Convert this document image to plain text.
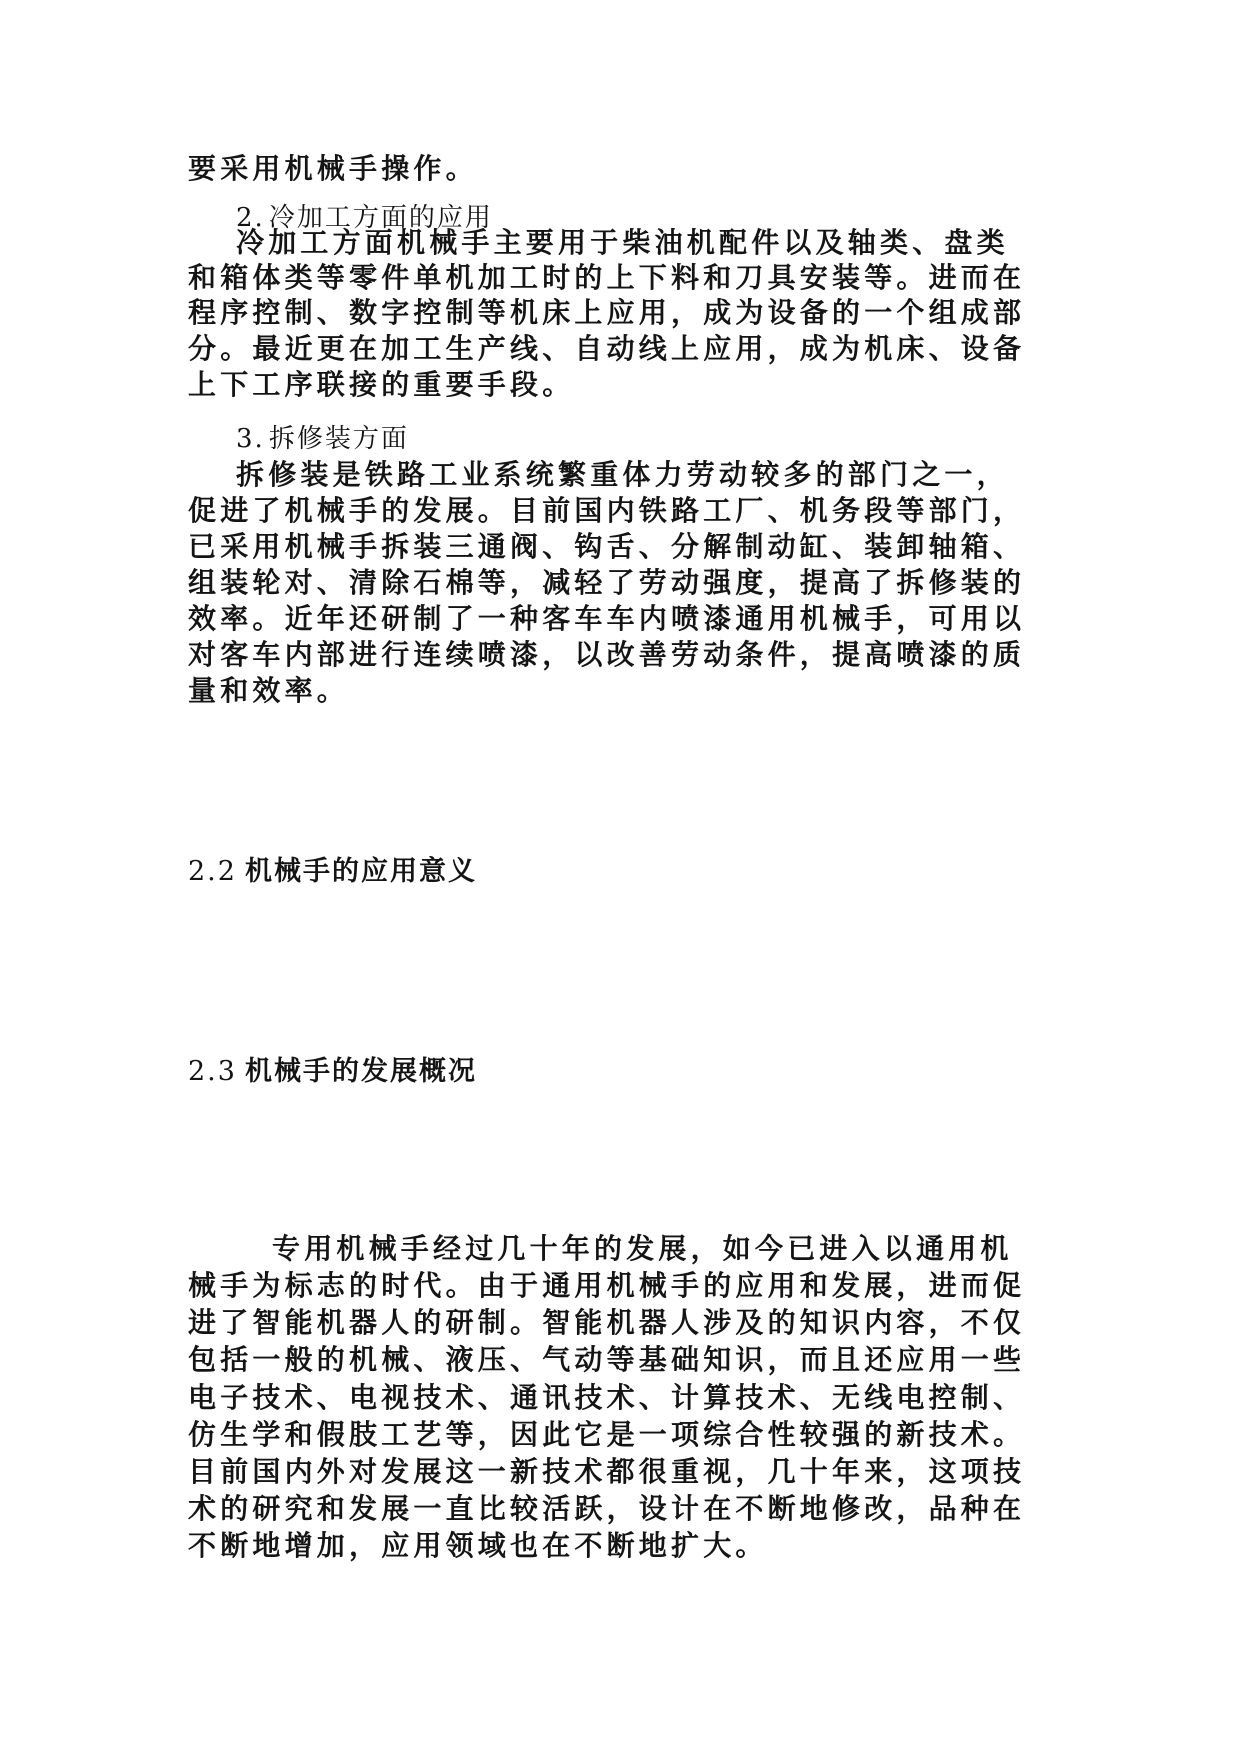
要采用机械手操作。
2. 冷加工方面的应用
冷加工方面机械手主要用于柴油机配件以及轴类、盘类
和箱体类等零件单机加工时的上下料和刀具安装等。进而在
程序控制、数字控制等机床上应用，成为设备的一个组成部
分。最近更在加工生产线、自动线上应用，成为机床、设备
上下工序联接的重要手段。
3. 拆修装方面
拆修装是铁路工业系统繁重体力劳动较多的部门之一，
促进了机械手的发展。目前国内铁路工厂、机务段等部门，
已采用机械手拆装三通阀、钩舌、分解制动缸、装卸轴箱、
组装轮对、清除石棉等，减轻了劳动强度，提高了拆修装的
效率。近年还研制了一种客车车内喷漆通用机械手，可用以
对客车内部进行连续喷漆，以改善劳动条件，提高喷漆的质
量和效率。
2.2 机械手的应用意义
2.3 机械手的发展概况
专用机械手经过几十年的发展，如今已进入以通用机
械手为标志的时代。由于通用机械手的应用和发展，进而促
进了智能机器人的研制。智能机器人涉及的知识内容，不仅
包括一般的机械、液压、气动等基础知识，而且还应用一些
电子技术、电视技术、通讯技术、计算技术、无线电控制、
仿生学和假肢工艺等，因此它是一项综合性较强的新技术。
目前国内外对发展这一新技术都很重视，几十年来，这项技
术的研究和发展一直比较活跃，设计在不断地修改，品种在
不断地增加，应用领域也在不断地扩大。
